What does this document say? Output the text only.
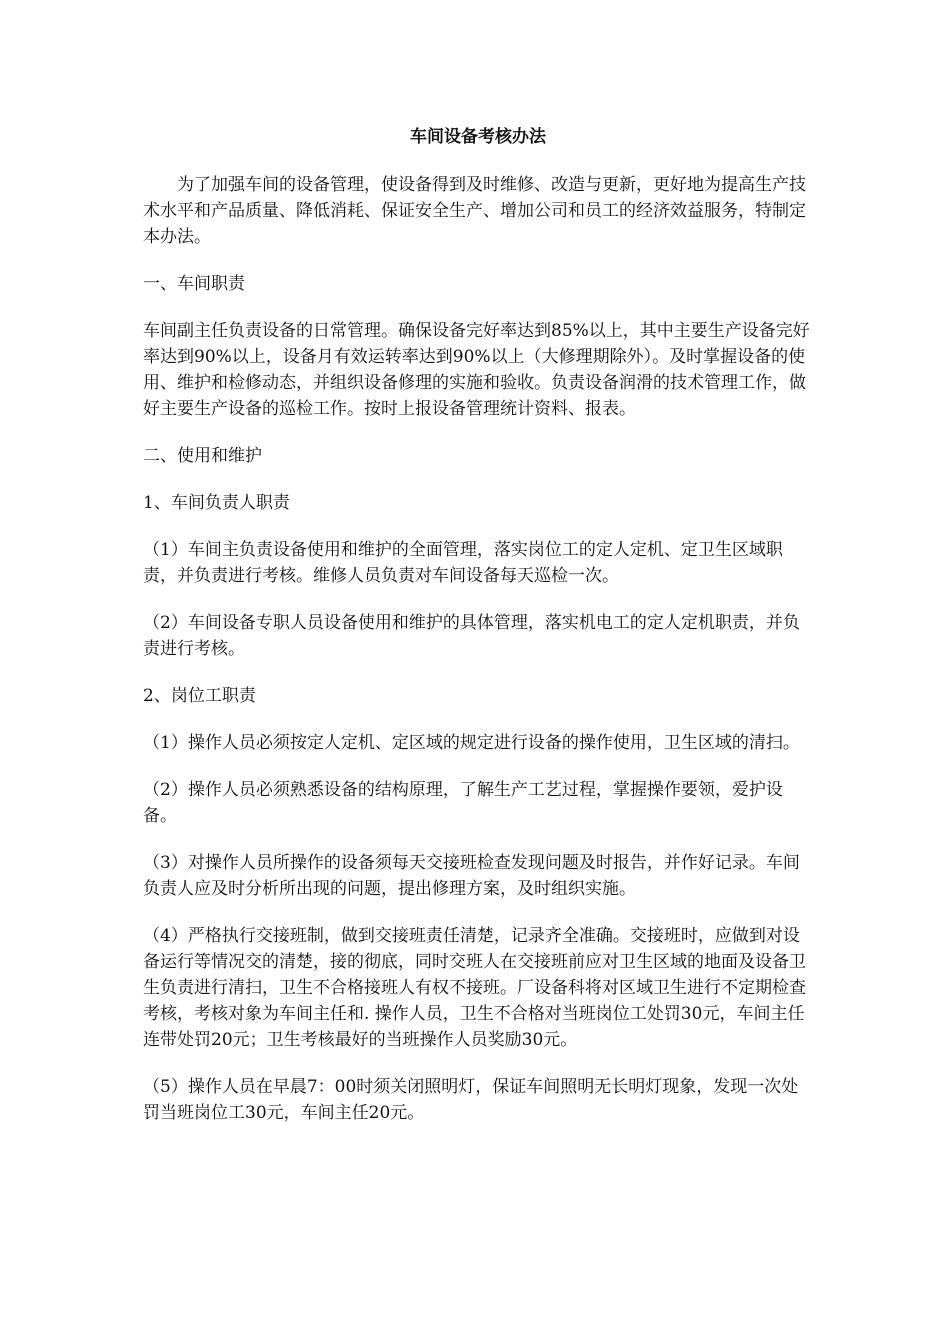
车间设备考核办法

为了加强车间的设备管理，使设备得到及时维修、改造与更新，更好地为提高生产技术水平和产品质量、降低消耗、保证安全生产、增加公司和员工的经济效益服务，特制定本办法。

一、车间职责

车间副主任负责设备的日常管理。确保设备完好率达到85%以上，其中主要生产设备完好率达到90%以上，设备月有效运转率达到90%以上（大修理期除外）。及时掌握设备的使用、维护和检修动态，并组织设备修理的实施和验收。负责设备润滑的技术管理工作，做好主要生产设备的巡检工作。按时上报设备管理统计资料、报表。

二、使用和维护

1、车间负责人职责

（1）车间主负责设备使用和维护的全面管理，落实岗位工的定人定机、定卫生区域职责，并负责进行考核。维修人员负责对车间设备每天巡检一次。

（2）车间设备专职人员设备使用和维护的具体管理，落实机电工的定人定机职责，并负责进行考核。

2、岗位工职责

（1）操作人员必须按定人定机、定区域的规定进行设备的操作使用，卫生区域的清扫。

（2）操作人员必须熟悉设备的结构原理，了解生产工艺过程，掌握操作要领，爱护设备。

（3）对操作人员所操作的设备须每天交接班检查发现问题及时报告，并作好记录。车间负责人应及时分析所出现的问题，提出修理方案，及时组织实施。

（4）严格执行交接班制，做到交接班责任清楚，记录齐全准确。交接班时，应做到对设备运行等情况交的清楚，接的彻底，同时交班人在交接班前应对卫生区域的地面及设备卫生负责进行清扫，卫生不合格接班人有权不接班。厂设备科将对区域卫生进行不定期检查考核，考核对象为车间主任和. 操作人员，卫生不合格对当班岗位工处罚30元，车间主任连带处罚20元；卫生考核最好的当班操作人员奖励30元。

（5）操作人员在早晨7：00时须关闭照明灯，保证车间照明无长明灯现象，发现一次处罚当班岗位工30元，车间主任20元。
